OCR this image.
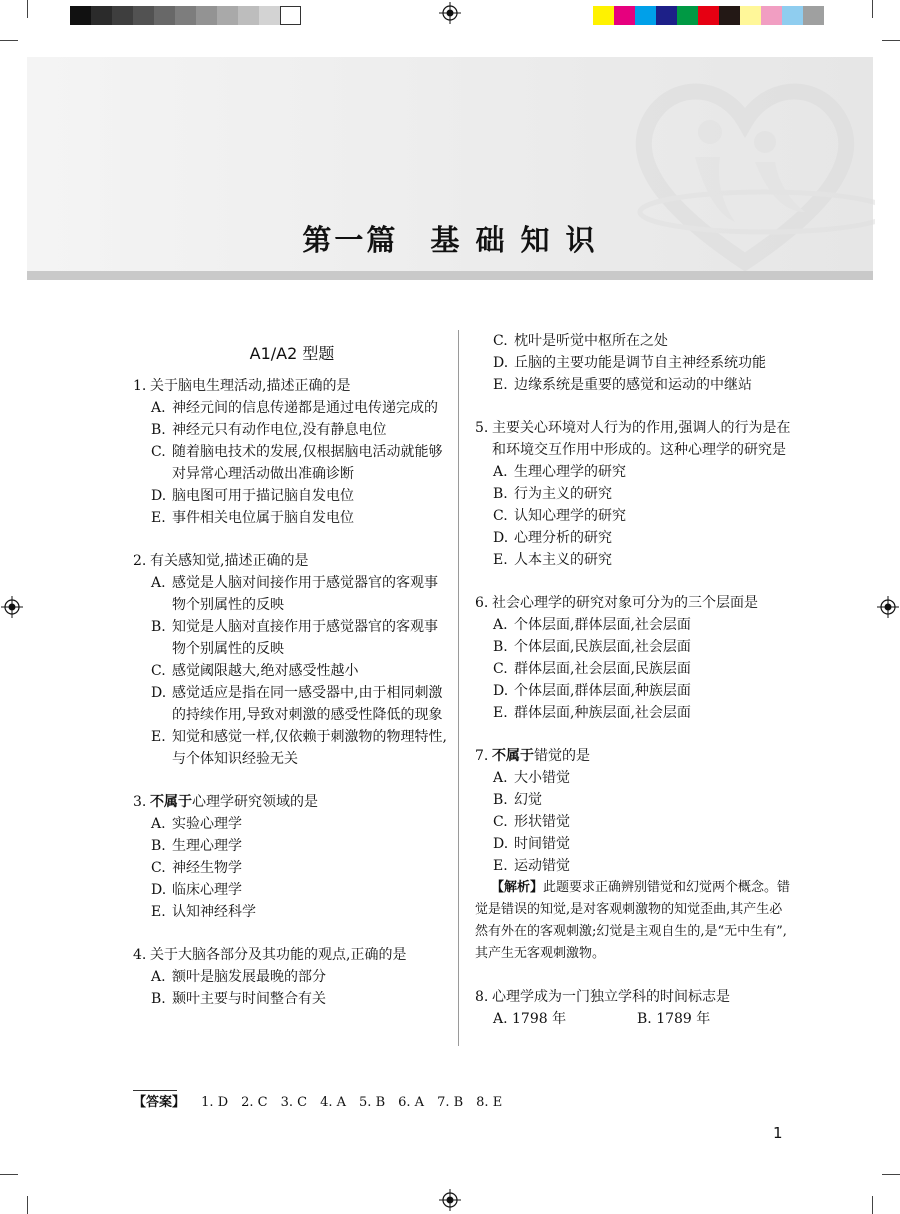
第一篇　基 础 知 识
A1/A2 型题
1. 关于脑电生理活动,描述正确的是
A. 神经元间的信息传递都是通过电传递完成的
B. 神经元只有动作电位,没有静息电位
C. 随着脑电技术的发展,仅根据脑电活动就能够对异常心理活动做出准确诊断
D. 脑电图可用于描记脑自发电位
E. 事件相关电位属于脑自发电位
2. 有关感知觉,描述正确的是
A. 感觉是人脑对间接作用于感觉器官的客观事物个别属性的反映
B. 知觉是人脑对直接作用于感觉器官的客观事物个别属性的反映
C. 感觉阈限越大,绝对感受性越小
D. 感觉适应是指在同一感受器中,由于相同刺激的持续作用,导致对刺激的感受性降低的现象
E. 知觉和感觉一样,仅依赖于刺激物的物理特性,与个体知识经验无关
3. 不属于心理学研究领域的是
A. 实验心理学
B. 生理心理学
C. 神经生物学
D. 临床心理学
E. 认知神经科学
4. 关于大脑各部分及其功能的观点,正确的是
A. 额叶是脑发展最晚的部分
B. 颞叶主要与时间整合有关
C. 枕叶是听觉中枢所在之处
D. 丘脑的主要功能是调节自主神经系统功能
E. 边缘系统是重要的感觉和运动的中继站
5. 主要关心环境对人行为的作用,强调人的行为是在和环境交互作用中形成的。这种心理学的研究是
A. 生理心理学的研究
B. 行为主义的研究
C. 认知心理学的研究
D. 心理分析的研究
E. 人本主义的研究
6. 社会心理学的研究对象可分为的三个层面是
A. 个体层面,群体层面,社会层面
B. 个体层面,民族层面,社会层面
C. 群体层面,社会层面,民族层面
D. 个体层面,群体层面,种族层面
E. 群体层面,种族层面,社会层面
7. 不属于错觉的是
A. 大小错觉
B. 幻觉
C. 形状错觉
D. 时间错觉
E. 运动错觉
【解析】此题要求正确辨别错觉和幻觉两个概念。错觉是错误的知觉,是对客观刺激物的知觉歪曲,其产生必然有外在的客观刺激;幻觉是主观自生的,是“无中生有”,其产生无客观刺激物。
8. 心理学成为一门独立学科的时间标志是
A. 1798 年	B. 1789 年
【答案】 1. D 2. C 3. C 4. A 5. B 6. A 7. B 8. E
1
